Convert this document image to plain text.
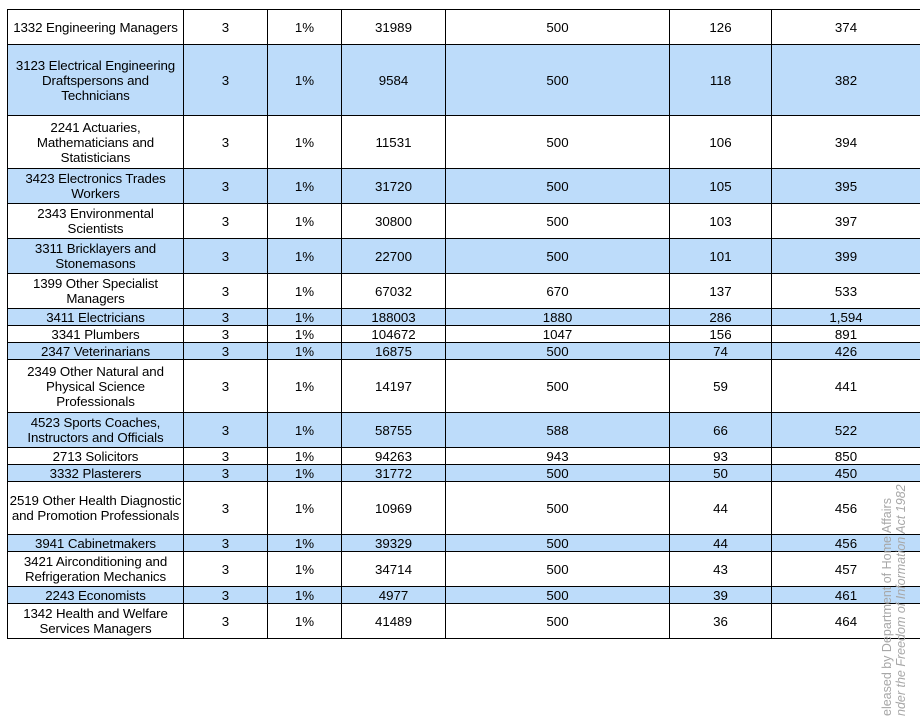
1332 Engineering Managers	3	1%	31989	500	126	374
3123 Electrical Engineering Draftspersons and Technicians	3	1%	9584	500	118	382
2241 Actuaries, Mathematicians and Statisticians	3	1%	11531	500	106	394
3423 Electronics Trades Workers	3	1%	31720	500	105	395
2343 Environmental Scientists	3	1%	30800	500	103	397
3311 Bricklayers and Stonemasons	3	1%	22700	500	101	399
1399 Other Specialist Managers	3	1%	67032	670	137	533
3411 Electricians	3	1%	188003	1880	286	1,594
3341 Plumbers	3	1%	104672	1047	156	891
2347 Veterinarians	3	1%	16875	500	74	426
2349 Other Natural and Physical Science Professionals	3	1%	14197	500	59	441
4523 Sports Coaches, Instructors and Officials	3	1%	58755	588	66	522
2713 Solicitors	3	1%	94263	943	93	850
3332 Plasterers	3	1%	31772	500	50	450
2519 Other Health Diagnostic and Promotion Professionals	3	1%	10969	500	44	456
3941 Cabinetmakers	3	1%	39329	500	44	456
3421 Airconditioning and Refrigeration Mechanics	3	1%	34714	500	43	457
2243 Economists	3	1%	4977	500	39	461
1342 Health and Welfare Services Managers	3	1%	41489	500	36	464 eleased by Department of Home Affairs nder the Freedom of Information Act 1982
